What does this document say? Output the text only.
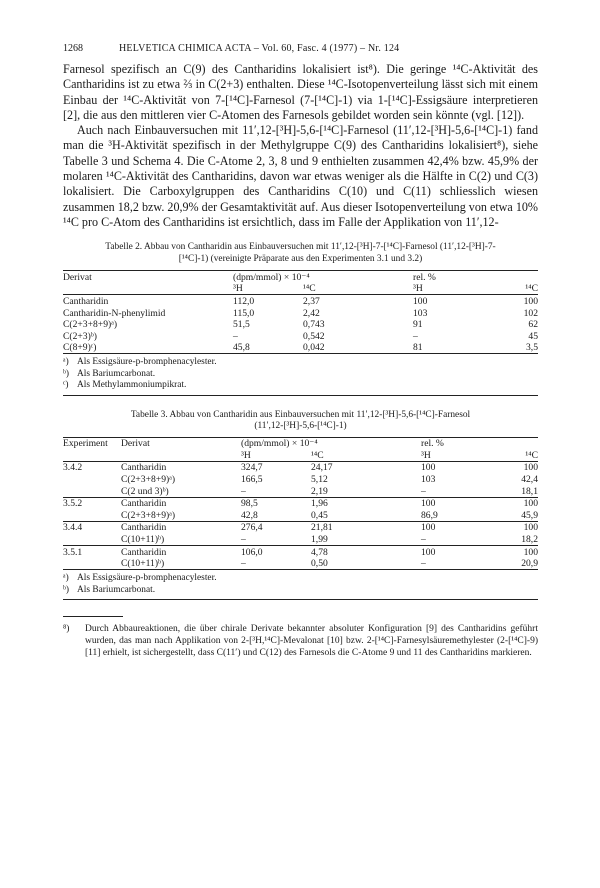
1268	HELVETICA CHIMICA ACTA – Vol. 60, Fasc. 4 (1977) – Nr. 124

Farnesol spezifisch an C(9) des Cantharidins lokalisiert ist⁸). Die geringe ¹⁴C-Aktivität des Cantharidins ist zu etwa ⅔ in C(2+3) enthalten. Diese ¹⁴C-Isotopenverteilung lässt sich mit einem Einbau der ¹⁴C-Aktivität von 7-[¹⁴C]-Farnesol (7-[¹⁴C]-1) via 1-[¹⁴C]-Essigsäure interpretieren [2], die aus den mittleren vier C-Atomen des Farnesols gebildet worden sein könnte (vgl. [12]).

Auch nach Einbauversuchen mit 11′,12-[³H]-5,6-[¹⁴C]-Farnesol (11′,12-[³H]-5,6-[¹⁴C]-1) fand man die ³H-Aktivität spezifisch in der Methylgruppe C(9) des Cantharidins lokalisiert⁸), siehe Tabelle 3 und Schema 4. Die C-Atome 2, 3, 8 und 9 enthielten zusammen 42,4% bzw. 45,9% der molaren ¹⁴C-Aktivität des Cantharidins, davon war etwas weniger als die Hälfte in C(2) und C(3) lokalisiert. Die Carboxylgruppen des Cantharidins C(10) und C(11) schliesslich wiesen zusammen 18,2 bzw. 20,9% der Gesamtaktivität auf. Aus dieser Isotopenverteilung von etwa 10% ¹⁴C pro C-Atom des Cantharidins ist ersichtlich, dass im Falle der Applikation von 11′,12-

Tabelle 2. Abbau von Cantharidin aus Einbauversuchen mit 11′,12-[³H]-7-[¹⁴C]-Farnesol (11′,12-[³H]-7-
[¹⁴C]-1) (vereinigte Präparate aus den Experimenten 3.1 und 3.2)
Derivat	(dpm/mmol) × 10⁻⁴		rel. %	
	³H	¹⁴C	³H	¹⁴C
Cantharidin	112,0	2,37	100	100
Cantharidin-N-phenylimid	115,0	2,42	103	102
C(2+3+8+9)ᵃ)	51,5	0,743	91	62
C(2+3)ᵇ)	–	0,542	–	45
C(8+9)ᶜ)	45,8	0,042	81	3,5
ᵃ) Als Essigsäure-p-bromphenacylester.
ᵇ) Als Bariumcarbonat.
ᶜ) Als Methylammoniumpikrat.
Tabelle 3. Abbau von Cantharidin aus Einbauversuchen mit 11′,12-[³H]-5,6-[¹⁴C]-Farnesol
(11′,12-[³H]-5,6-[¹⁴C]-1)
Experiment	Derivat	(dpm/mmol) × 10⁻⁴		rel. %	
		³H	¹⁴C	³H	¹⁴C
3.4.2	Cantharidin	324,7	24,17	100	100
	C(2+3+8+9)ᵃ)	166,5	5,12	103	42,4
	C(2 und 3)ᵇ)	–	2,19	–	18,1
3.5.2	Cantharidin	98,5	1,96	100	100
	C(2+3+8+9)ᵃ)	42,8	0,45	86,9	45,9
3.4.4	Cantharidin	276,4	21,81	100	100
	C(10+11)ᵇ)	–	1,99	–	18,2
3.5.1	Cantharidin	106,0	4,78	100	100
	C(10+11)ᵇ)	–	0,50	–	20,9
ᵃ) Als Essigsäure-p-bromphenacylester.
ᵇ) Als Bariumcarbonat.
⁸)	Durch Abbaureaktionen, die über chirale Derivate bekannter absoluter Konfiguration [9] des Cantharidins geführt wurden, das man nach Applikation von 2-[³H,¹⁴C]-Mevalonat [10] bzw. 2-[¹⁴C]-Farnesylsäuremethylester (2-[¹⁴C]-9) [11] erhielt, ist sichergestellt, dass C(11′) und C(12) des Farnesols die C-Atome 9 und 11 des Cantharidins markieren.
